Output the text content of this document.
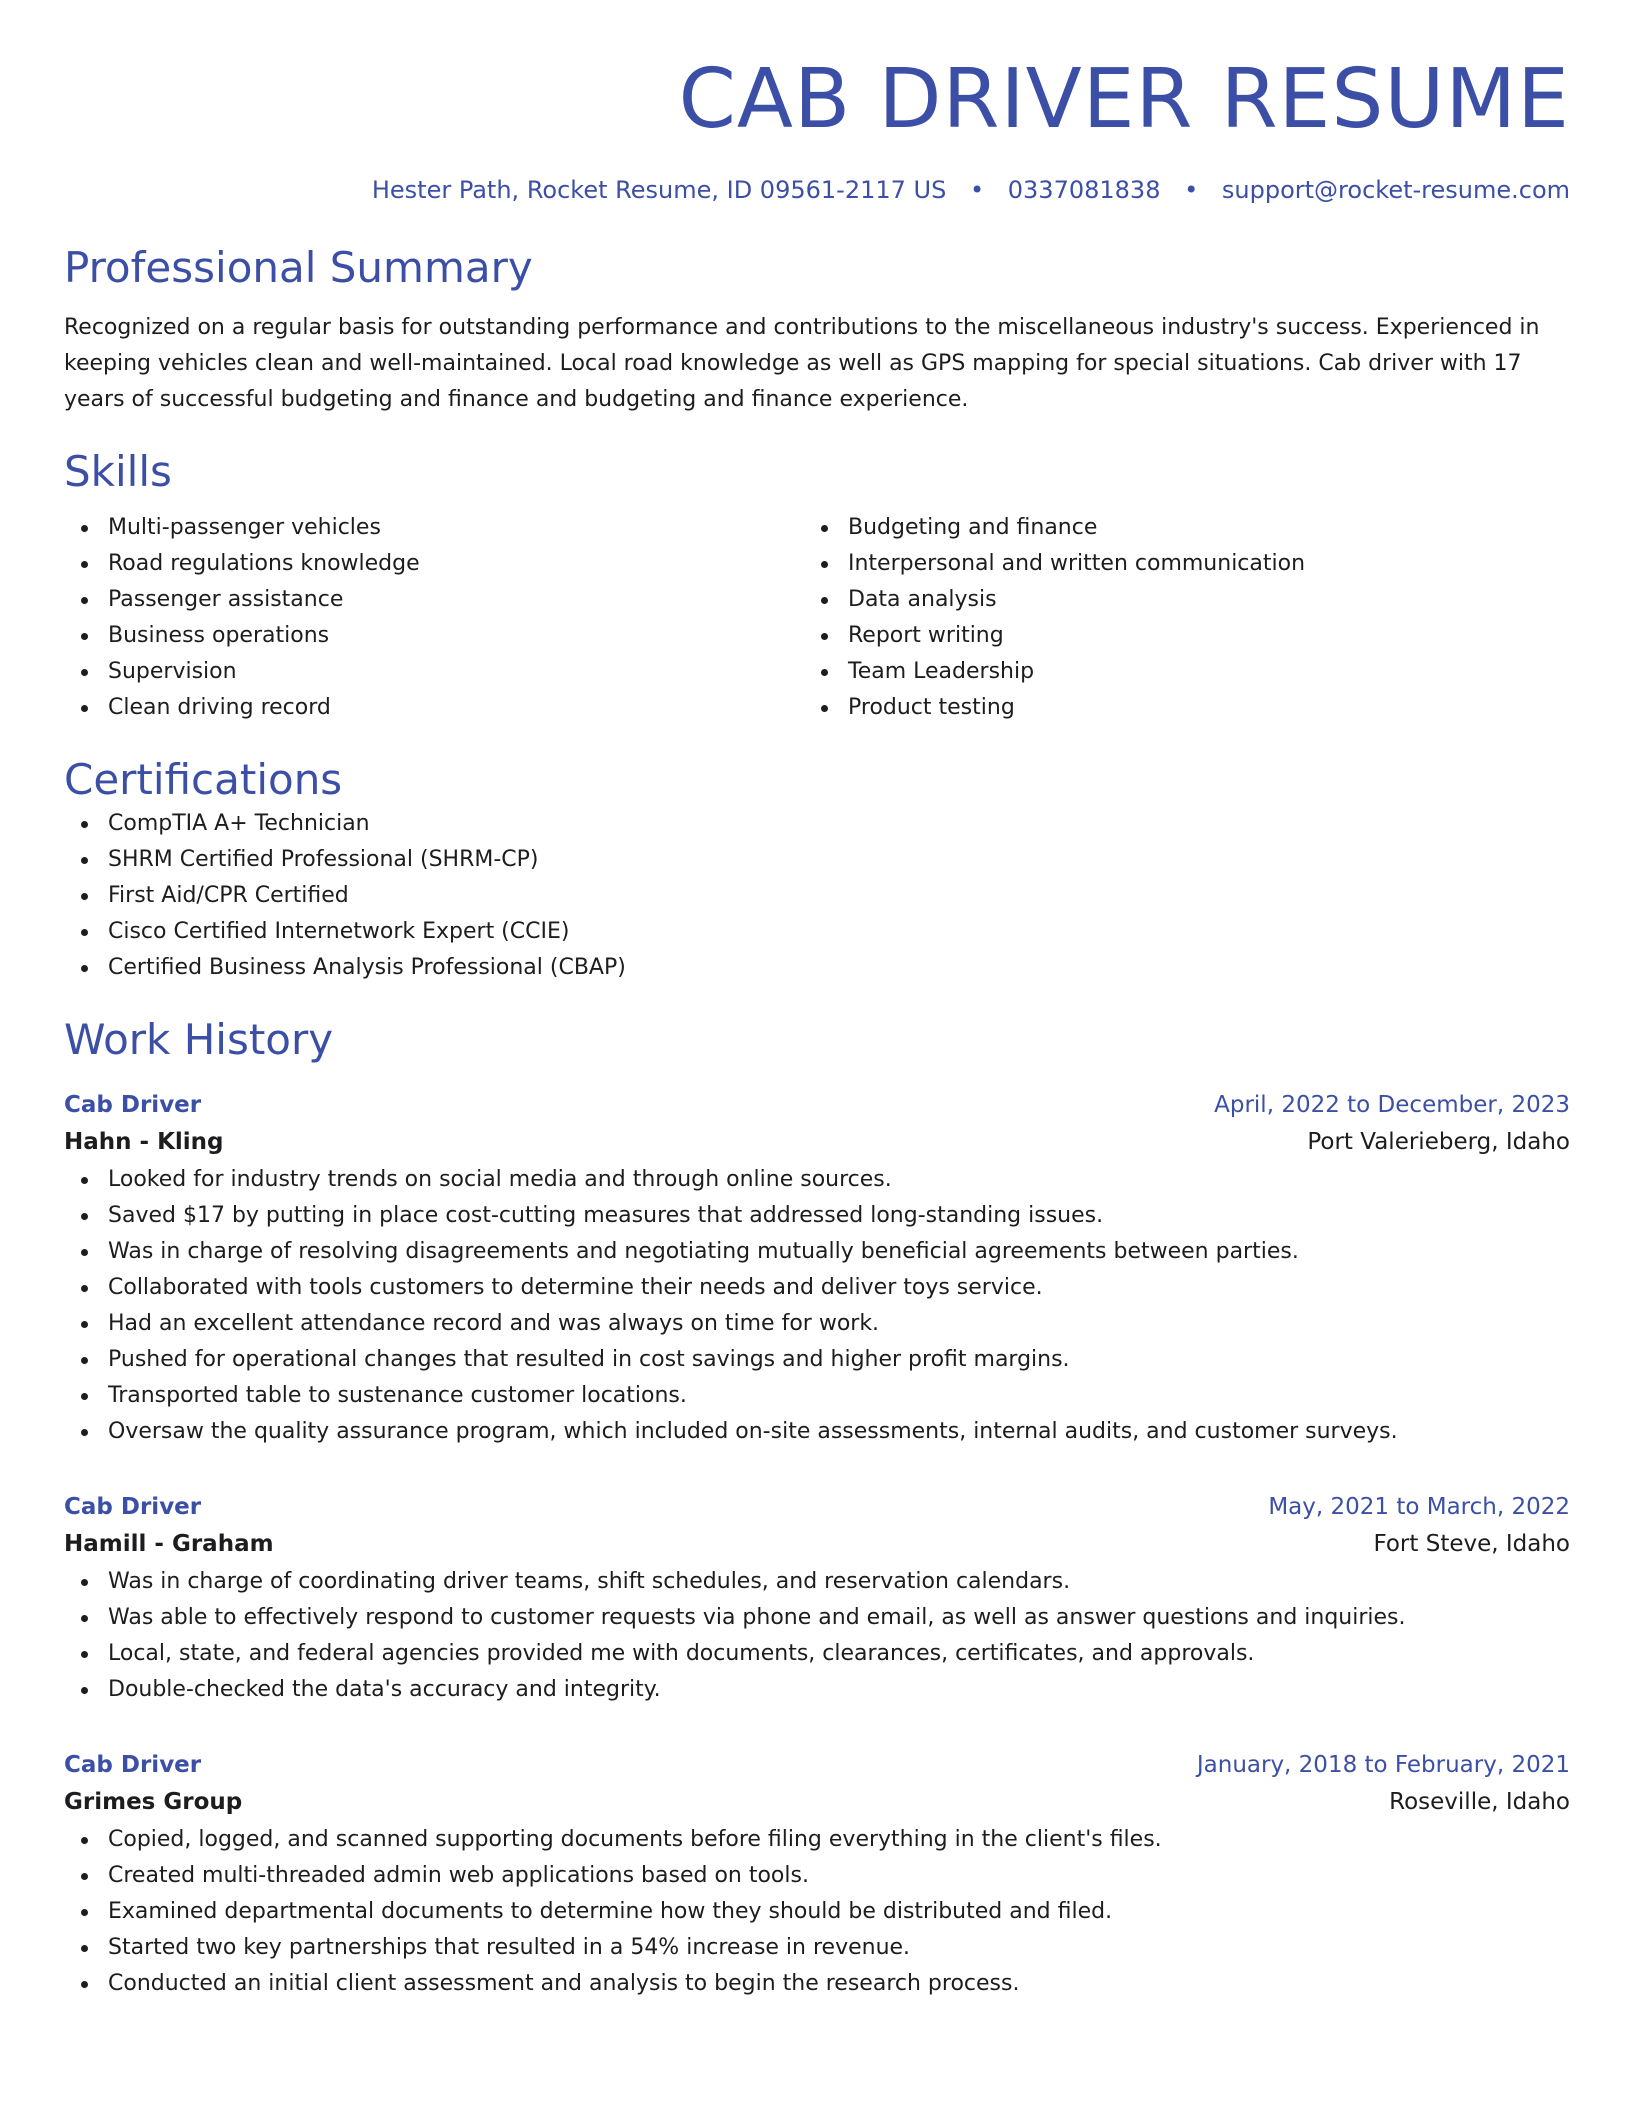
CAB DRIVER RESUME
Hester Path, Rocket Resume, ID 09561-2117 US • 0337081838 • support@rocket-resume.com
Professional Summary

Recognized on a regular basis for outstanding performance and contributions to the miscellaneous industry's success. Experienced in keeping vehicles clean and well-maintained. Local road knowledge as well as GPS mapping for special situations. Cab driver with 17 years of successful budgeting and finance and budgeting and finance experience.

Skills
Multi-passenger vehicles
Road regulations knowledge
Passenger assistance
Business operations
Supervision
Clean driving record
Budgeting and finance
Interpersonal and written communication
Data analysis
Report writing
Team Leadership
Product testing
Certifications
CompTIA A+ Technician
SHRM Certified Professional (SHRM-CP)
First Aid/CPR Certified
Cisco Certified Internetwork Expert (CCIE)
Certified Business Analysis Professional (CBAP)
Work History
Cab Driver	April, 2022 to December, 2023
Hahn - Kling	Port Valerieberg, Idaho
Looked for industry trends on social media and through online sources.
Saved $17 by putting in place cost-cutting measures that addressed long-standing issues.
Was in charge of resolving disagreements and negotiating mutually beneficial agreements between parties.
Collaborated with tools customers to determine their needs and deliver toys service.
Had an excellent attendance record and was always on time for work.
Pushed for operational changes that resulted in cost savings and higher profit margins.
Transported table to sustenance customer locations.
Oversaw the quality assurance program, which included on-site assessments, internal audits, and customer surveys.
Cab Driver	May, 2021 to March, 2022
Hamill - Graham	Fort Steve, Idaho
Was in charge of coordinating driver teams, shift schedules, and reservation calendars.
Was able to effectively respond to customer requests via phone and email, as well as answer questions and inquiries.
Local, state, and federal agencies provided me with documents, clearances, certificates, and approvals.
Double-checked the data's accuracy and integrity.
Cab Driver	January, 2018 to February, 2021
Grimes Group	Roseville, Idaho
Copied, logged, and scanned supporting documents before filing everything in the client's files.
Created multi-threaded admin web applications based on tools.
Examined departmental documents to determine how they should be distributed and filed.
Started two key partnerships that resulted in a 54% increase in revenue.
Conducted an initial client assessment and analysis to begin the research process.
